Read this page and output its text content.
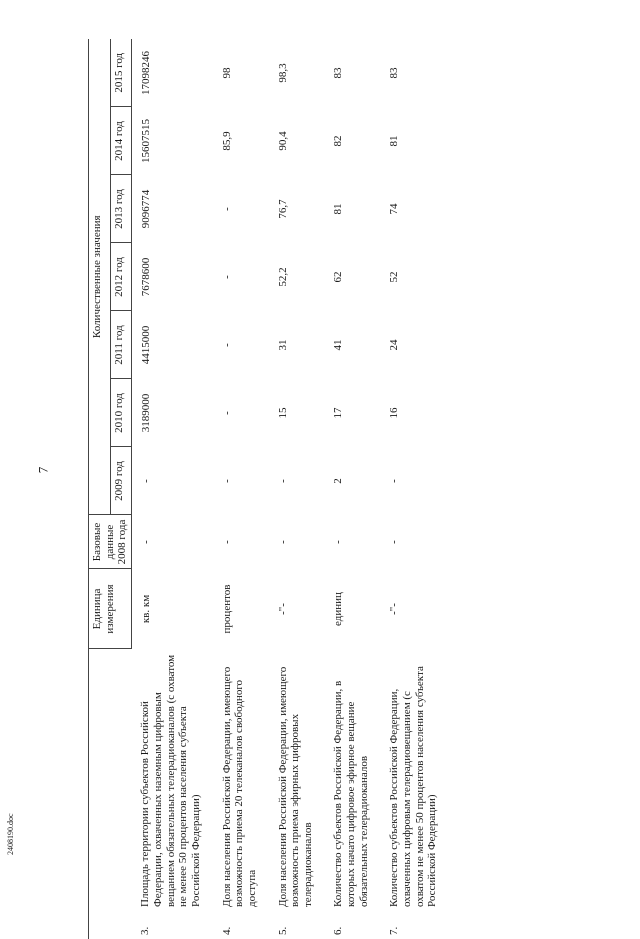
7
2408190.doc
		Единица измерения	Базовые данные 2008 года	Количественные значения						
				2009 год	2010 год	2011 год	2012 год	2013 год	2014 год	2015 год
3.	Площадь территории субъектов Российской Федерации, охваченных наземным цифровым вещанием обязательных телерадиоканалов (с охватом не менее 50 процентов населения субъекта Российской Федерации)	кв. км	-	-	3189000	4415000	7678600	9096774	15607515	17098246
4.	Доля населения Российской Федерации, имеющего возможность приема 20 телеканалов свободного доступа	процентов	-	-	-	-	-	-	85,9	98
5.	Доля населения Российской Федерации, имеющего возможность приема эфирных цифровых телерадиоканалов	-"-	-	-	15	31	52,2	76,7	90,4	98,3
6.	Количество субъектов Российской Федерации, в которых начато цифровое эфирное вещание обязательных телерадиоканалов	единиц	-	2	17	41	62	81	82	83
7.	Количество субъектов Российской Федерации, охваченных цифровым телерадиовещанием (с охватом не менее 50 процентов населения субъекта Российской Федерации)	-"-	-	-	16	24	52	74	81	83
